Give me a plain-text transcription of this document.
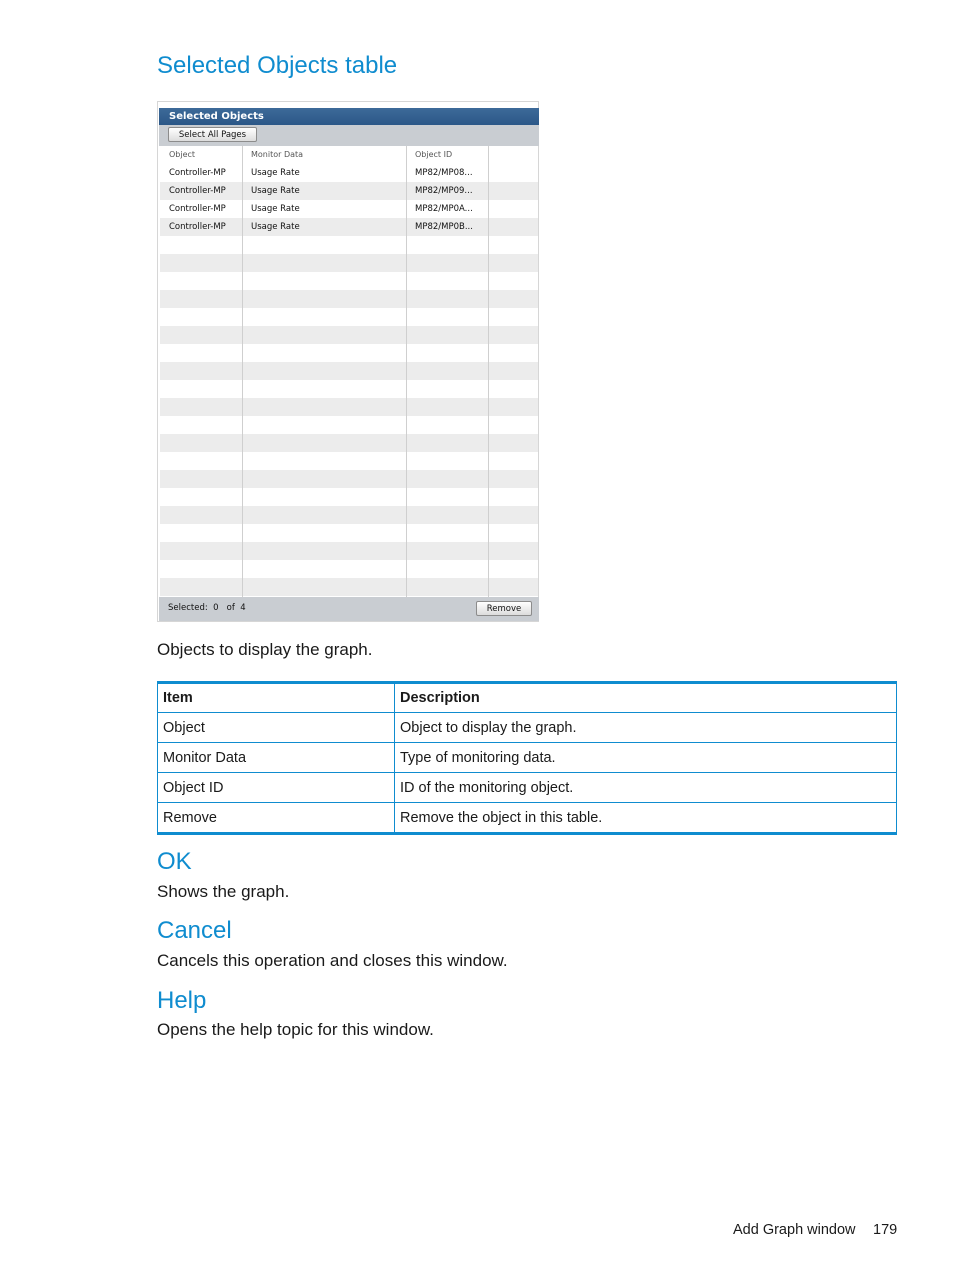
Selected Objects table
Selected Objects
Select All Pages
Object	Monitor Data	Object ID
Controller-MP	Usage Rate	MP82/MP08...
Controller-MP	Usage Rate	MP82/MP09...
Controller-MP	Usage Rate	MP82/MP0A...
Controller-MP	Usage Rate	MP82/MP0B...
Selected: 0 of 4	Remove

Objects to display the graph.

Item	Description
Object	Object to display the graph.
Monitor Data	Type of monitoring data.
Object ID	ID of the monitoring object.
Remove	Remove the object in this table.
OK

Shows the graph.

Cancel

Cancels this operation and closes this window.

Help

Opens the help topic for this window.

Add Graph window 179
